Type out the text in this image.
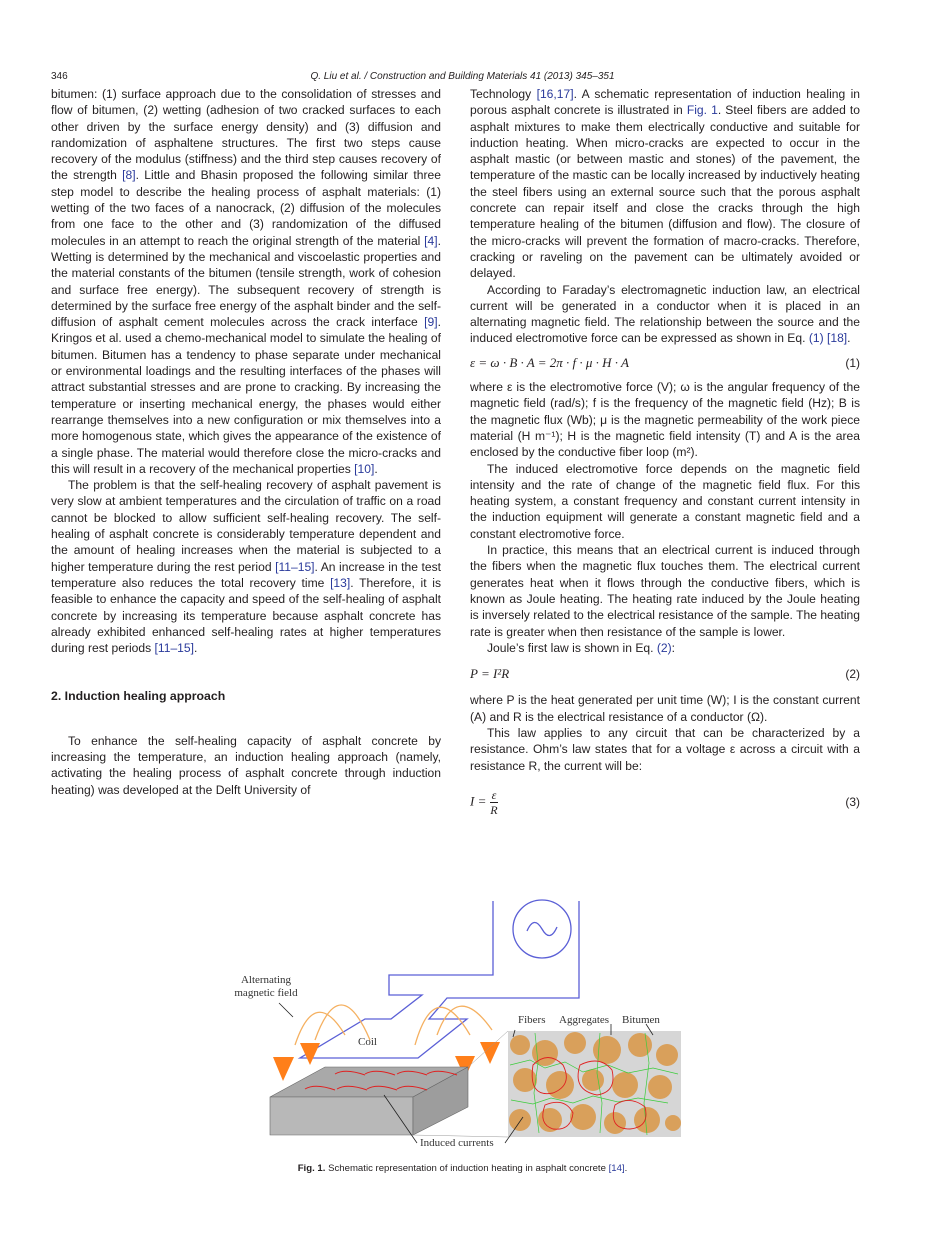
346	Q. Liu et al. / Construction and Building Materials 41 (2013) 345–351

bitumen: (1) surface approach due to the consolidation of stresses and flow of bitumen, (2) wetting (adhesion of two cracked surfaces to each other driven by the surface energy density) and (3) diffusion and randomization of asphaltene structures. The first two steps cause recovery of the modulus (stiffness) and the third step causes recovery of the strength [8]. Little and Bhasin proposed the following similar three step model to describe the healing process of asphalt materials: (1) wetting of the two faces of a nanocrack, (2) diffusion of the molecules from one face to the other and (3) randomization of the diffused molecules in an attempt to reach the original strength of the material [4]. Wetting is determined by the mechanical and viscoelastic properties and the material constants of the bitumen (tensile strength, work of cohesion and surface free energy). The subsequent recovery of strength is determined by the surface free energy of the asphalt binder and the self-diffusion of asphalt cement molecules across the crack interface [9]. Kringos et al. used a chemo-mechanical model to simulate the healing of bitumen. Bitumen has a tendency to phase separate under mechanical or environmental loadings and the resulting interfaces of the phases will attract substantial stresses and are prone to cracking. By increasing the temperature or inserting mechanical energy, the phases would either rearrange themselves into a new configuration or mix themselves into a more homogenous state, which gives the appearance of the existence of a single phase. The material would therefore close the micro-cracks and this will result in a recovery of the mechanical properties [10].

The problem is that the self-healing recovery of asphalt pavement is very slow at ambient temperatures and the circulation of traffic on a road cannot be blocked to allow sufficient self-healing recovery. The self-healing of asphalt concrete is considerably temperature dependent and the amount of healing increases when the material is subjected to a higher temperature during the rest period [11–15]. An increase in the test temperature also reduces the total recovery time [13]. Therefore, it is feasible to enhance the capacity and speed of the self-healing of asphalt concrete by increasing its temperature because asphalt concrete has already exhibited enhanced self-healing rates at higher temperatures during rest periods [11–15].

2. Induction healing approach

To enhance the self-healing capacity of asphalt concrete by increasing the temperature, an induction healing approach (namely, activating the healing process of asphalt concrete through induction heating) was developed at the Delft University of

Technology [16,17]. A schematic representation of induction healing in porous asphalt concrete is illustrated in Fig. 1. Steel fibers are added to asphalt mixtures to make them electrically conductive and suitable for induction heating. When micro-cracks are expected to occur in the asphalt mastic (or between mastic and stones) of the pavement, the temperature of the mastic can be locally increased by inductively heating the steel fibers using an external source such that the porous asphalt concrete can repair itself and close the cracks through the high temperature healing of the bitumen (diffusion and flow). The closure of the micro-cracks will prevent the formation of macro-cracks. Therefore, cracking or raveling on the pavement can be ultimately avoided or delayed.

According to Faraday’s electromagnetic induction law, an electrical current will be generated in a conductor when it is placed in an alternating magnetic field. The relationship between the source and the induced electromotive force can be expressed as shown in Eq. (1) [18].

ε = ω · B · A = 2π · f · μ · H · A	(1)

where ε is the electromotive force (V); ω is the angular frequency of the magnetic field (rad/s); f is the frequency of the magnetic field (Hz); B is the magnetic flux (Wb); μ is the magnetic permeability of the work piece material (H m⁻¹); H is the magnetic field intensity (T) and A is the area enclosed by the conductive fiber loop (m²).

The induced electromotive force depends on the magnetic field intensity and the rate of change of the magnetic field flux. For this heating system, a constant frequency and constant current intensity in the induction equipment will generate a constant magnetic field and a constant electromotive force.

In practice, this means that an electrical current is induced through the fibers when the magnetic flux touches them. The electrical current generates heat when it flows through the conductive fibers, which is known as Joule heating. The heating rate induced by the Joule heating is inversely related to the electrical resistance of the sample. The heating rate is greater when then resistance of the sample is lower.

Joule’s first law is shown in Eq. (2):

P = I²R	(2)

where P is the heat generated per unit time (W); I is the constant current (A) and R is the electrical resistance of a conductor (Ω).

This law applies to any circuit that can be characterized by a resistance. Ohm’s law states that for a voltage ε across a circuit with a resistance R, the current will be:

$I = \frac{\varepsilon}{R}$	(3)
Alternating magnetic field
Coil
Fibers Aggregates Bitumen
Induced currents
Fig. 1. Schematic representation of induction heating in asphalt concrete [14].
